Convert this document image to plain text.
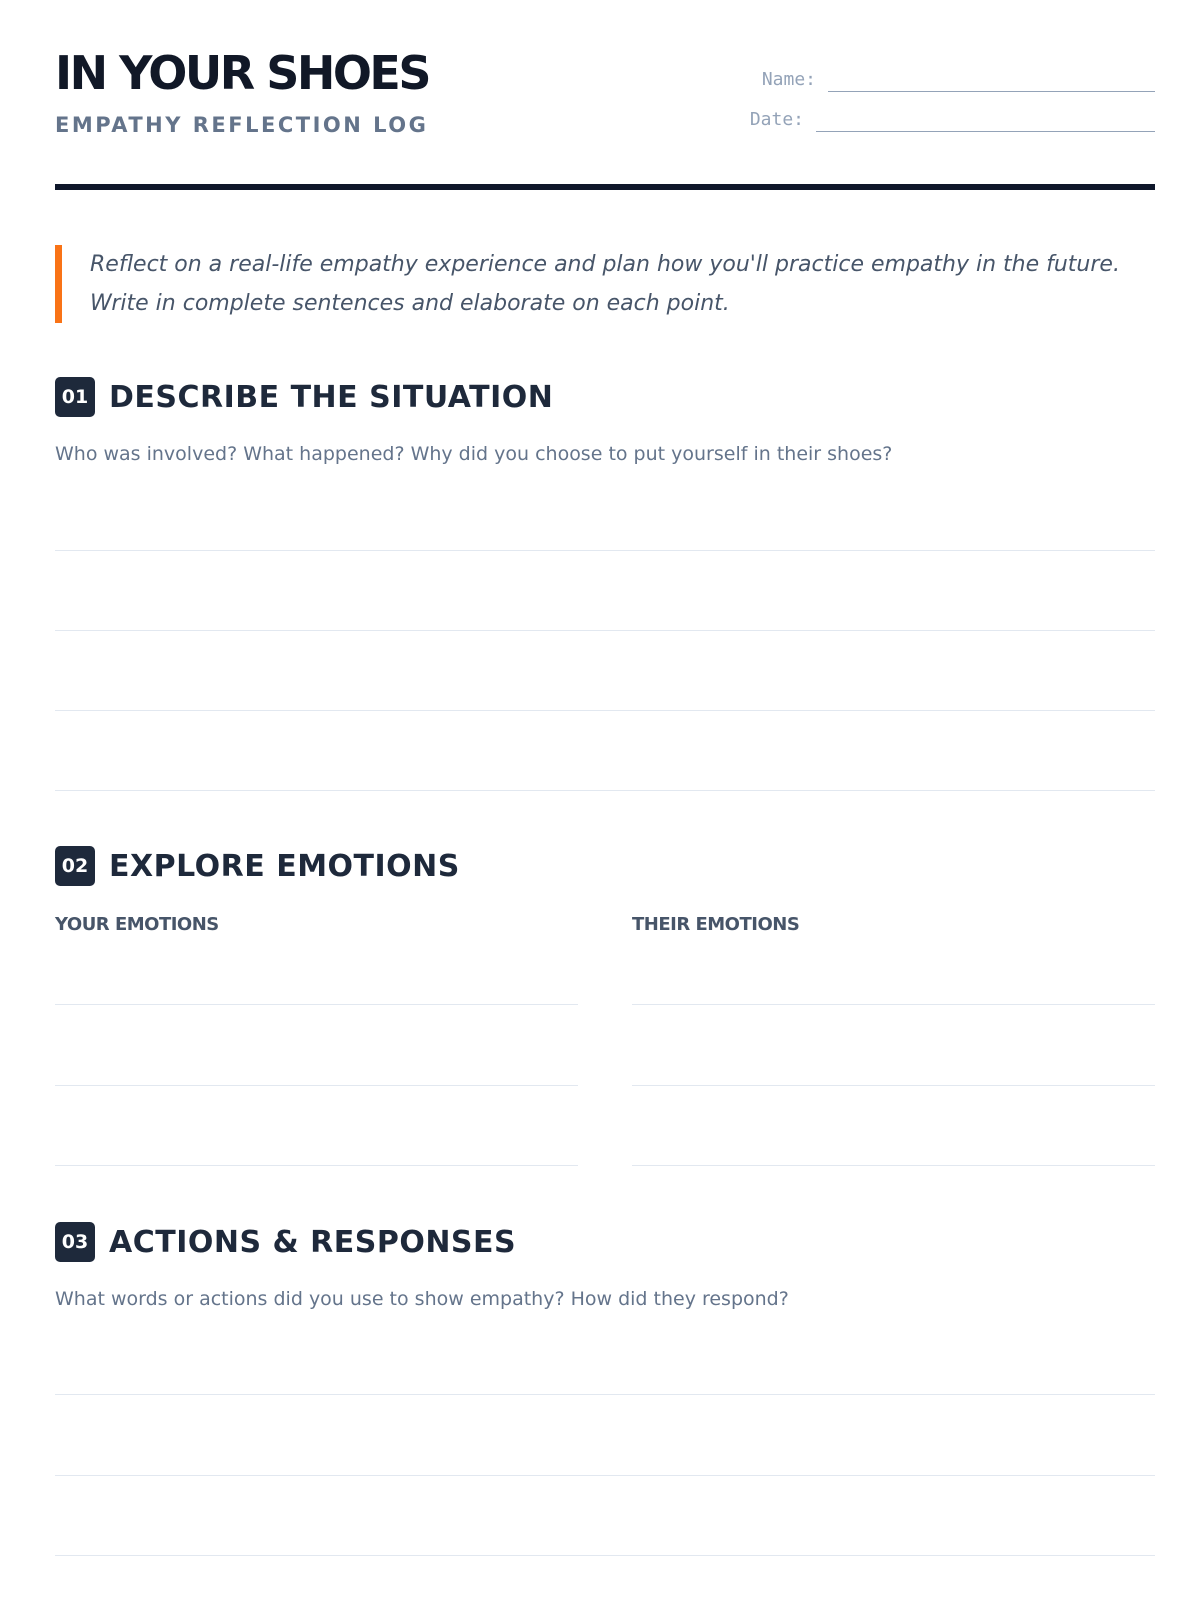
IN YOUR SHOES
EMPATHY REFLECTION LOG
Name:
Date:

Reflect on a real-life empathy experience and plan how you'll practice empathy in the future.

Write in complete sentences and elaborate on each point.

01 DESCRIBE THE SITUATION
Who was involved? What happened? Why did you choose to put yourself in their shoes?
02 EXPLORE EMOTIONS
YOUR EMOTIONS	THEIR EMOTIONS
03 ACTIONS & RESPONSES
What words or actions did you use to show empathy? How did they respond?
